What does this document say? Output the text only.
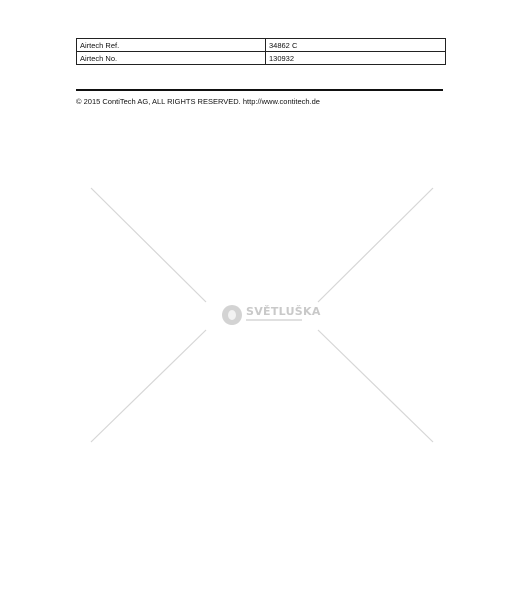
Airtech Ref.	34862 C
Airtech No.	130932
© 2015 ContiTech AG, ALL RIGHTS RESERVED. http://www.contitech.de
SVĚTLUŠKA
